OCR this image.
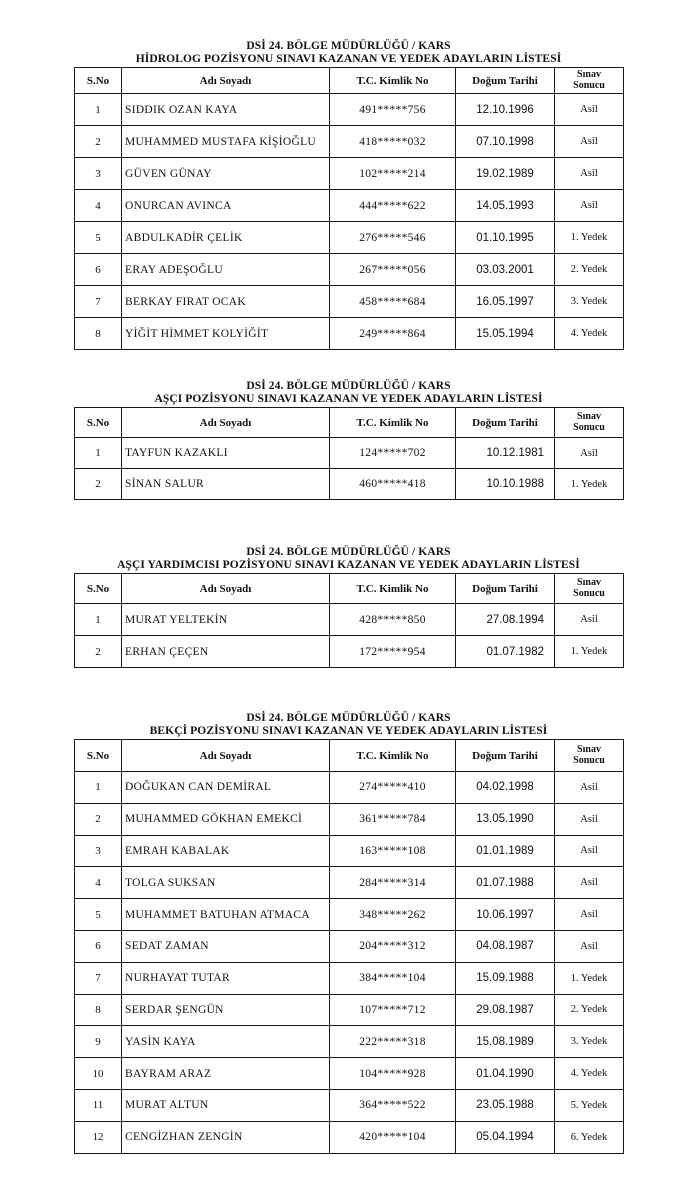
DSİ 24. BÖLGE MÜDÜRLÜĞÜ / KARS
HİDROLOG POZİSYONU SINAVI KAZANAN VE YEDEK ADAYLARIN LİSTESİ
S.No	Adı Soyadı	T.C. Kimlik No	Doğum Tarihi	Sınav
Sonucu

1	SIDDIK OZAN KAYA	491*****756	12.10.1996	Asil
2	MUHAMMED MUSTAFA KİŞİOĞLU	418*****032	07.10.1998	Asil
3	GÜVEN GÜNAY	102*****214	19.02.1989	Asil
4	ONURCAN AVINCA	444*****622	14.05.1993	Asil
5	ABDULKADİR ÇELİK	276*****546	01.10.1995	1. Yedek
6	ERAY ADEŞOĞLU	267*****056	03.03.2001	2. Yedek
7	BERKAY FIRAT OCAK	458*****684	16.05.1997	3. Yedek
8	YİĞİT HİMMET KOLYİĞİT	249*****864	15.05.1994	4. Yedek
DSİ 24. BÖLGE MÜDÜRLÜĞÜ / KARS
AŞÇI POZİSYONU SINAVI KAZANAN VE YEDEK ADAYLARIN LİSTESİ
S.No	Adı Soyadı	T.C. Kimlik No	Doğum Tarihi	Sınav
Sonucu

1	TAYFUN KAZAKLI	124*****702	10.12.1981	Asil
2	SİNAN SALUR	460*****418	10.10.1988	1. Yedek
DSİ 24. BÖLGE MÜDÜRLÜĞÜ / KARS
AŞÇI YARDIMCISI POZİSYONU SINAVI KAZANAN VE YEDEK ADAYLARIN LİSTESİ
S.No	Adı Soyadı	T.C. Kimlik No	Doğum Tarihi	Sınav
Sonucu

1	MURAT YELTEKİN	428*****850	27.08.1994	Asil
2	ERHAN ÇEÇEN	172*****954	01.07.1982	1. Yedek
DSİ 24. BÖLGE MÜDÜRLÜĞÜ / KARS
BEKÇİ POZİSYONU SINAVI KAZANAN VE YEDEK ADAYLARIN LİSTESİ
S.No	Adı Soyadı	T.C. Kimlik No	Doğum Tarihi	Sınav
Sonucu

1	DOĞUKAN CAN DEMİRAL	274*****410	04.02.1998	Asil
2	MUHAMMED GÖKHAN EMEKCİ	361*****784	13.05.1990	Asil
3	EMRAH KABALAK	163*****108	01.01.1989	Asil
4	TOLGA SUKSAN	284*****314	01.07.1988	Asil
5	MUHAMMET BATUHAN ATMACA	348*****262	10.06.1997	Asil
6	SEDAT ZAMAN	204*****312	04.08.1987	Asil
7	NURHAYAT TUTAR	384*****104	15.09.1988	1. Yedek
8	SERDAR ŞENGÜN	107*****712	29.08.1987	2. Yedek
9	YASİN KAYA	222*****318	15.08.1989	3. Yedek
10	BAYRAM ARAZ	104*****928	01.04.1990	4. Yedek
11	MURAT ALTUN	364*****522	23.05.1988	5. Yedek
12	CENGİZHAN ZENGİN	420*****104	05.04.1994	6. Yedek
